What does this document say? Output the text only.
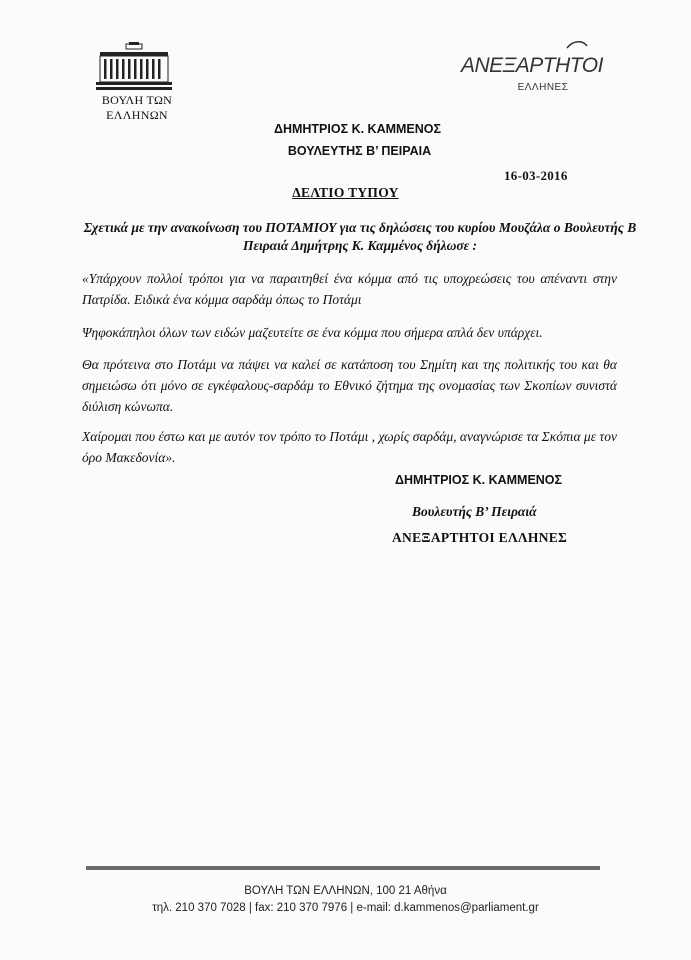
ΒΟΥΛΗ ΤΩΝ ΕΛΛΗΝΩΝ
ΑΝΕΞΑΡΤΗΤΟΙ
ΕΛΛΗΝΕΣ
ΔΗΜΗΤΡΙΟΣ Κ. ΚΑΜΜΕΝΟΣ
ΒΟΥΛΕΥΤΗΣ Β’ ΠΕΙΡΑΙΑ
16-03-2016
ΔΕΛΤΙΟ ΤΥΠΟΥ
Σχετικά με την ανακοίνωση του ΠΟΤΑΜΙΟΥ για τις δηλώσεις του κυρίου Μουζάλα ο Βουλευτής Β Πειραιά Δημήτρης Κ. Καμμένος δήλωσε :
«Υπάρχουν πολλοί τρόποι για να παραιτηθεί ένα κόμμα από τις υποχρεώσεις του απέναντι στην Πατρίδα. Ειδικά ένα κόμμα σαρδάμ όπως το Ποτάμι
Ψηφοκάπηλοι όλων των ειδών μαζευτείτε σε ένα κόμμα που σήμερα απλά δεν υπάρχει.
Θα πρότεινα στο Ποτάμι να πάψει να καλεί σε κατάποση του Σημίτη και της πολιτικής του και θα σημειώσω ότι μόνο σε εγκέφαλους-σαρδάμ το Εθνικό ζήτημα της ονομασίας των Σκοπίων συνιστά διύλιση κώνωπα.
Χαίρομαι που έστω και με αυτόν τον τρόπο το Ποτάμι , χωρίς σαρδάμ, αναγνώρισε τα Σκόπια με τον όρο Μακεδονία».
ΔΗΜΗΤΡΙΟΣ Κ. ΚΑΜΜΕΝΟΣ
Βουλευτής Β’ Πειραιά
ΑΝΕΞΑΡΤΗΤΟΙ ΕΛΛΗΝΕΣ
ΒΟΥΛΗ ΤΩΝ ΕΛΛΗΝΩΝ, 100 21 Αθήνα
τηλ. 210 370 7028 | fax: 210 370 7976 | e-mail: d.kammenos@parliament.gr
